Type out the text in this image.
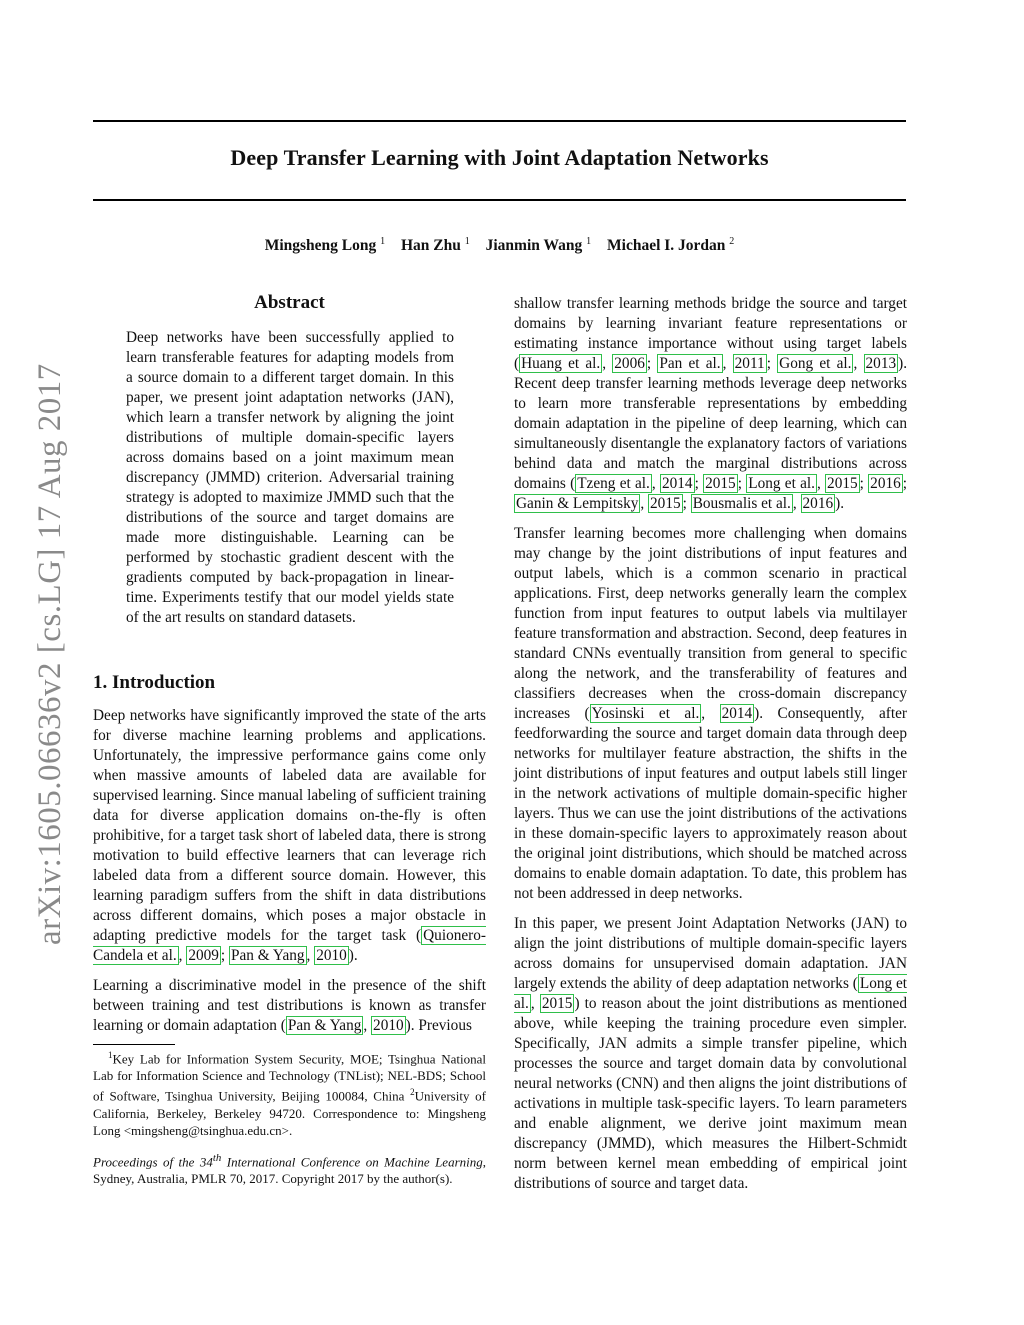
arXiv:1605.06636v2 [cs.LG] 17 Aug 2017
Deep Transfer Learning with Joint Adaptation Networks
Mingsheng Long $^1$ Han Zhu $^1$ Jianmin Wang $^1$ Michael I. Jordan $^2$
Abstract
Deep networks have been successfully applied to learn transferable features for adapting models from a source domain to a different target domain. In this paper, we present joint adaptation networks (JAN), which learn a transfer network by aligning the joint distributions of multiple domain-specific layers across domains based on a joint maximum mean discrepancy (JMMD) criterion. Adversarial training strategy is adopted to maximize JMMD such that the distributions of the source and target domains are made more distinguishable. Learning can be performed by stochastic gradient descent with the gradients computed by back-propagation in linear-time. Experiments testify that our model yields state of the art results on standard datasets.
1. Introduction

Deep networks have significantly improved the state of the arts for diverse machine learning problems and applications. Unfortunately, the impressive performance gains come only when massive amounts of labeled data are available for supervised learning. Since manual labeling of sufficient training data for diverse application domains on-the-fly is often prohibitive, for a target task short of labeled data, there is strong motivation to build effective learners that can leverage rich labeled data from a different source domain. However, this learning paradigm suffers from the shift in data distributions across different domains, which poses a major obstacle in adapting predictive models for the target task ( Quionero-Candela et al. , 2009 ; Pan & Yang , 2010 ).

Learning a discriminative model in the presence of the shift between training and test distributions is known as transfer learning or domain adaptation ( Pan & Yang , 2010 ). Previous

$^1$Key Lab for Information System Security, MOE; Tsinghua National Lab for Information Science and Technology (TNList); NEL-BDS; School of Software, Tsinghua University, Beijing 100084, China $^2$University of California, Berkeley, Berkeley 94720. Correspondence to: Mingsheng Long <mingsheng@tsinghua.edu.cn>.
Proceedings of the 34th International Conference on Machine Learning, Sydney, Australia, PMLR 70, 2017. Copyright 2017 by the author(s).

shallow transfer learning methods bridge the source and target domains by learning invariant feature representations or estimating instance importance without using target labels ( Huang et al. , 2006 ; Pan et al. , 2011 ; Gong et al. , 2013 ). Recent deep transfer learning methods leverage deep networks to learn more transferable representations by embedding domain adaptation in the pipeline of deep learning, which can simultaneously disentangle the explanatory factors of variations behind data and match the marginal distributions across domains ( Tzeng et al. , 2014 ; 2015 ; Long et al. , 2015 ; 2016 ; Ganin & Lempitsky , 2015 ; Bousmalis et al. , 2016 ).

Transfer learning becomes more challenging when domains may change by the joint distributions of input features and output labels, which is a common scenario in practical applications. First, deep networks generally learn the complex function from input features to output labels via multilayer feature transformation and abstraction. Second, deep features in standard CNNs eventually transition from general to specific along the network, and the transferability of features and classifiers decreases when the cross-domain discrepancy increases ( Yosinski et al. , 2014 ). Consequently, after feedforwarding the source and target domain data through deep networks for multilayer feature abstraction, the shifts in the joint distributions of input features and output labels still linger in the network activations of multiple domain-specific higher layers. Thus we can use the joint distributions of the activations in these domain-specific layers to approximately reason about the original joint distributions, which should be matched across domains to enable domain adaptation. To date, this problem has not been addressed in deep networks.

In this paper, we present Joint Adaptation Networks (JAN) to align the joint distributions of multiple domain-specific layers across domains for unsupervised domain adaptation. JAN largely extends the ability of deep adaptation networks ( Long et al. , 2015 ) to reason about the joint distributions as mentioned above, while keeping the training procedure even simpler. Specifically, JAN admits a simple transfer pipeline, which processes the source and target domain data by convolutional neural networks (CNN) and then aligns the joint distributions of activations in multiple task-specific layers. To learn parameters and enable alignment, we derive joint maximum mean discrepancy (JMMD), which measures the Hilbert-Schmidt norm between kernel mean embedding of empirical joint distributions of source and target data.
